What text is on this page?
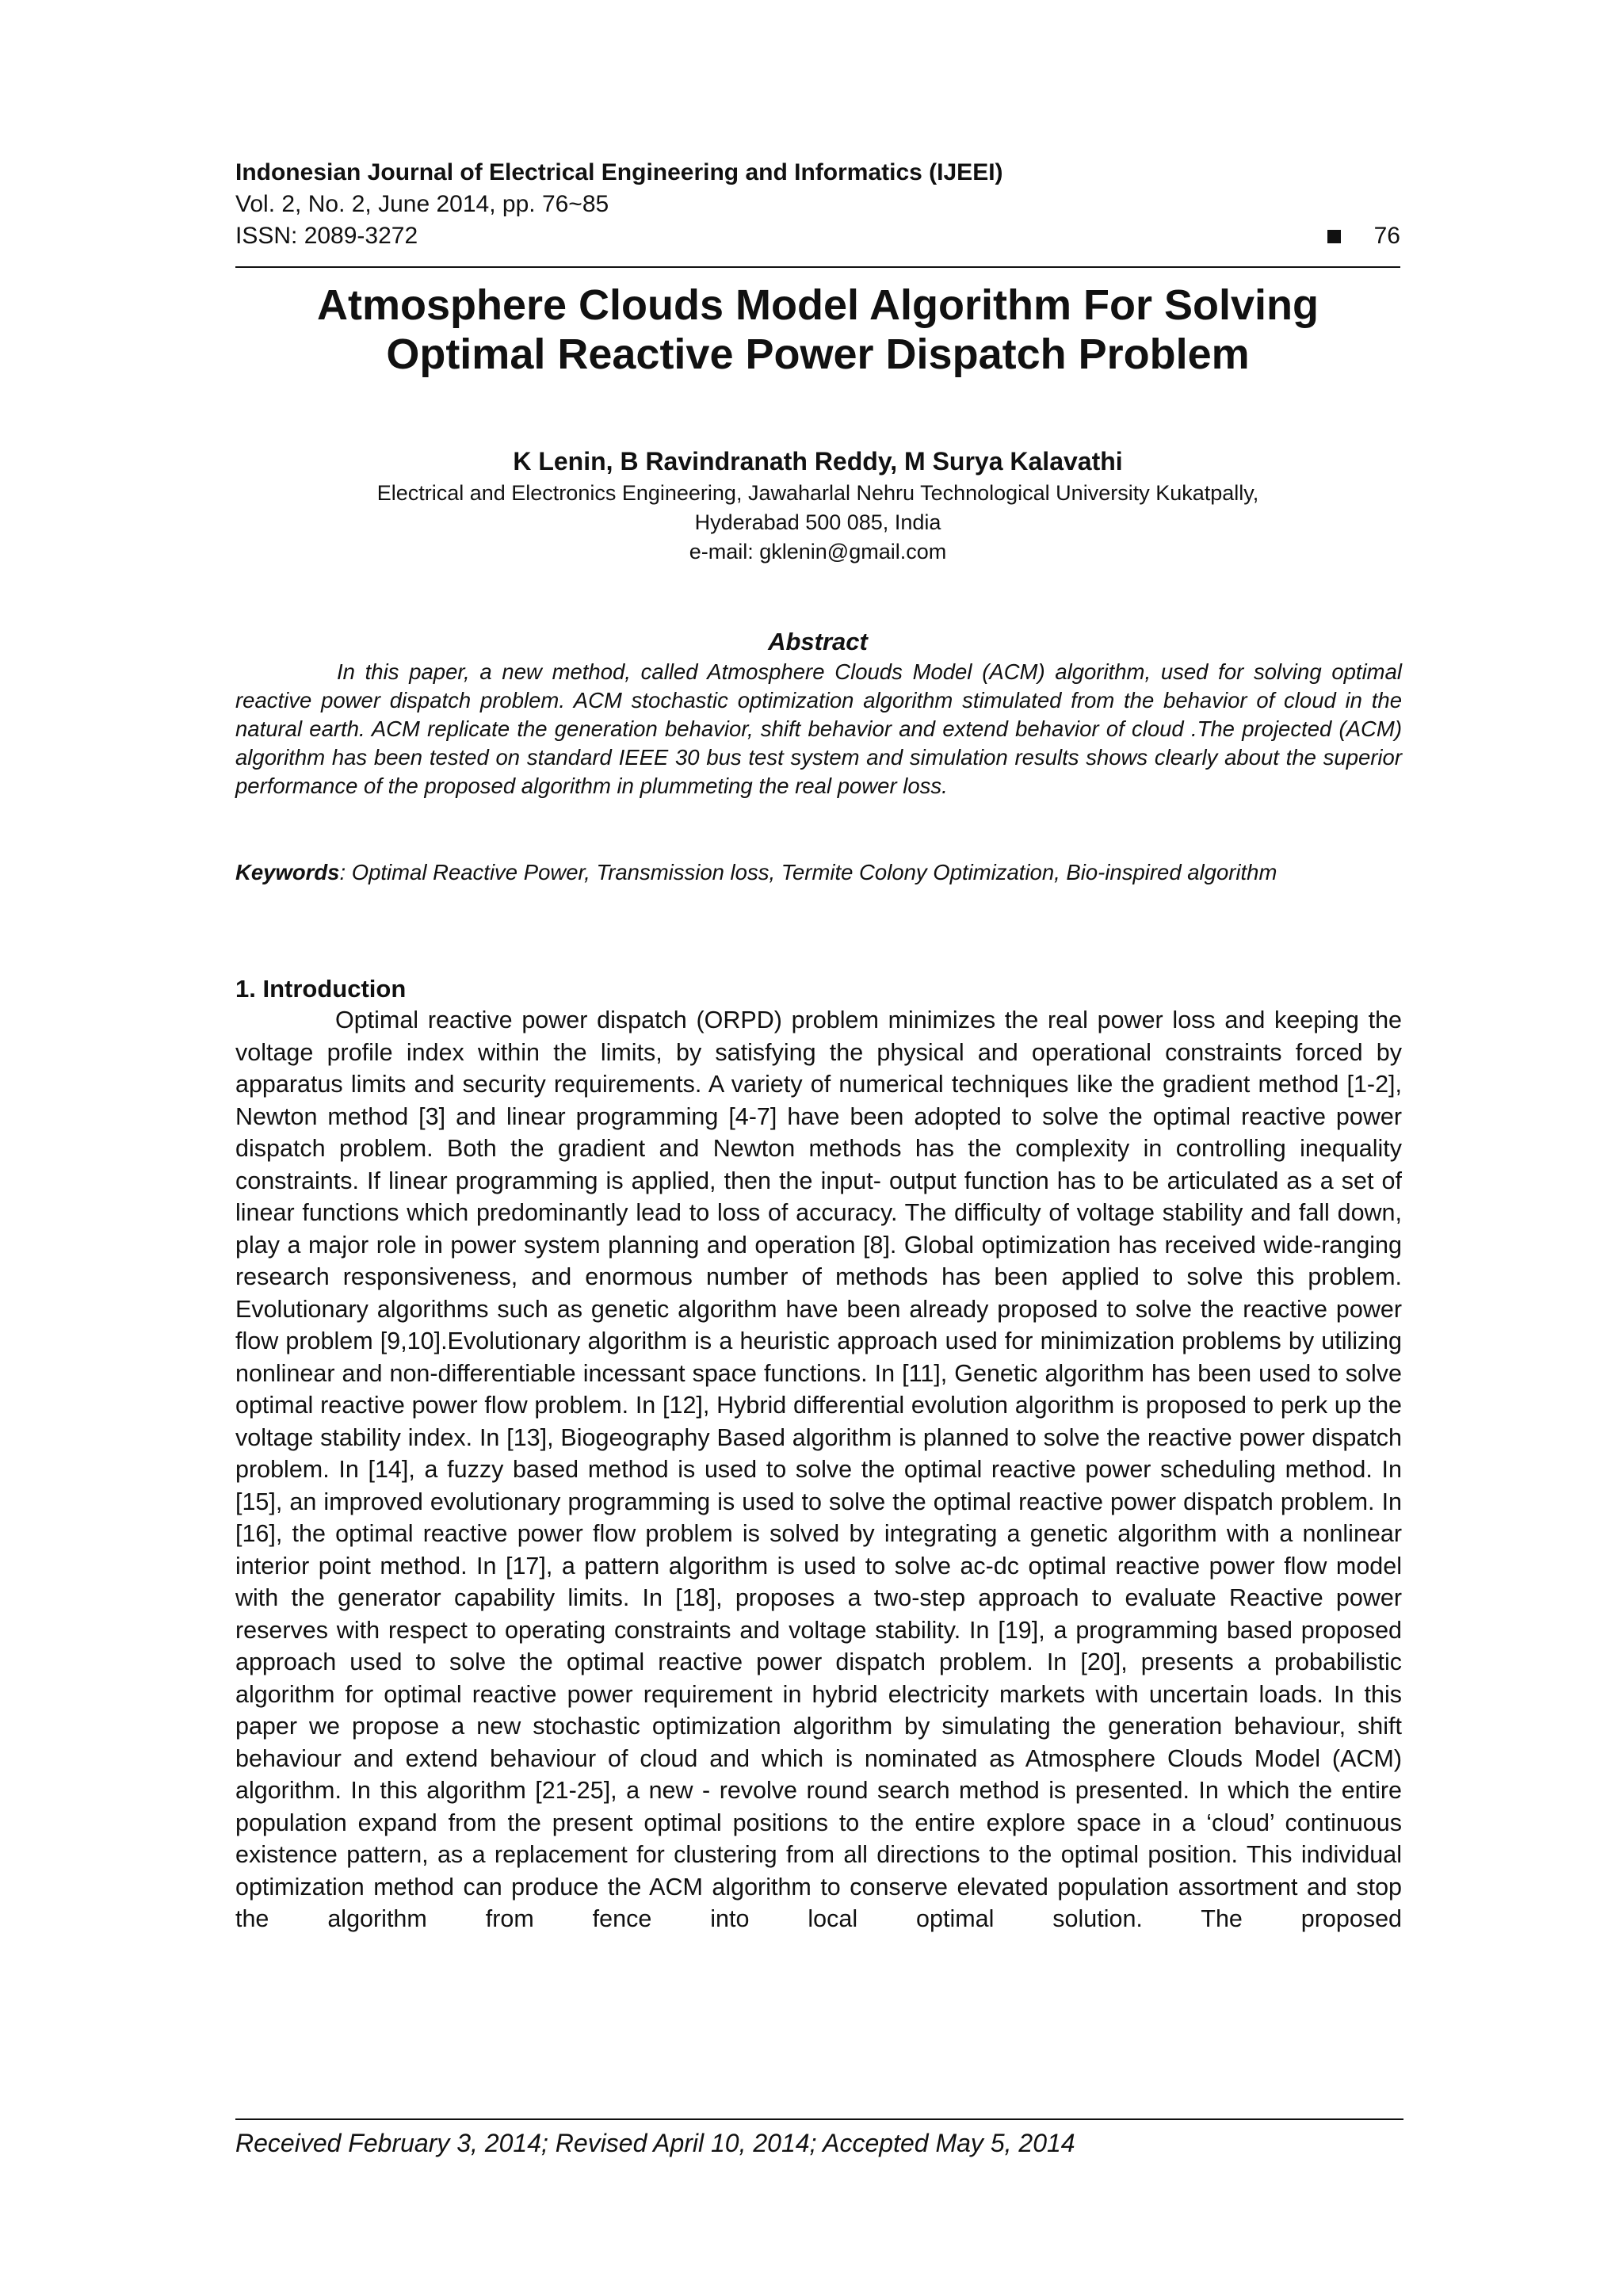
Indonesian Journal of Electrical Engineering and Informatics (IJEEI)
Vol. 2, No. 2, June 2014, pp. 76~85
ISSN: 2089-3272	76
Atmosphere Clouds Model Algorithm For Solving
Optimal Reactive Power Dispatch Problem
K Lenin, B Ravindranath Reddy, M Surya Kalavathi
Electrical and Electronics Engineering, Jawaharlal Nehru Technological University Kukatpally,
Hyderabad 500 085, India
e-mail: gklenin@gmail.com
Abstract
In this paper, a new method, called Atmosphere Clouds Model (ACM) algorithm, used for solving optimal reactive power dispatch problem. ACM stochastic optimization algorithm stimulated from the behavior of cloud in the natural earth. ACM replicate the generation behavior, shift behavior and extend behavior of cloud .The projected (ACM) algorithm has been tested on standard IEEE 30 bus test system and simulation results shows clearly about the superior performance of the proposed algorithm in plummeting the real power loss.
Keywords: Optimal Reactive Power, Transmission loss, Termite Colony Optimization, Bio-inspired algorithm
1. Introduction
Optimal reactive power dispatch (ORPD) problem minimizes the real power loss and keeping the voltage profile index within the limits, by satisfying the physical and operational constraints forced by apparatus limits and security requirements. A variety of numerical techniques like the gradient method [1-2], Newton method [3] and linear programming [4-7] have been adopted to solve the optimal reactive power dispatch problem. Both the gradient and Newton methods has the complexity in controlling inequality constraints. If linear programming is applied, then the input- output function has to be articulated as a set of linear functions which predominantly lead to loss of accuracy. The difficulty of voltage stability and fall down, play a major role in power system planning and operation [8]. Global optimization has received wide-ranging research responsiveness, and enormous number of methods has been applied to solve this problem. Evolutionary algorithms such as genetic algorithm have been already proposed to solve the reactive power flow problem [9,10].Evolutionary algorithm is a heuristic approach used for minimization problems by utilizing nonlinear and non-differentiable incessant space functions. In [11], Genetic algorithm has been used to solve optimal reactive power flow problem. In [12], Hybrid differential evolution algorithm is proposed to perk up the voltage stability index. In [13], Biogeography Based algorithm is planned to solve the reactive power dispatch problem. In [14], a fuzzy based method is used to solve the optimal reactive power scheduling method. In [15], an improved evolutionary programming is used to solve the optimal reactive power dispatch problem. In [16], the optimal reactive power flow problem is solved by integrating a genetic algorithm with a nonlinear interior point method. In [17], a pattern algorithm is used to solve ac-dc optimal reactive power flow model with the generator capability limits. In [18], proposes a two-step approach to evaluate Reactive power reserves with respect to operating constraints and voltage stability. In [19], a programming based proposed approach used to solve the optimal reactive power dispatch problem. In [20], presents a probabilistic algorithm for optimal reactive power requirement in hybrid electricity markets with uncertain loads. In this paper we propose a new stochastic optimization algorithm by simulating the generation behaviour, shift behaviour and extend behaviour of cloud and which is nominated as Atmosphere Clouds Model (ACM) algorithm. In this algorithm [21-25], a new - revolve round search method is presented. In which the entire population expand from the present optimal positions to the entire explore space in a ‘cloud’ continuous existence pattern, as a replacement for clustering from all directions to the optimal position. This individual optimization method can produce the ACM algorithm to conserve elevated population assortment and stop the algorithm from fence into local optimal solution. The proposed
Received February 3, 2014; Revised April 10, 2014; Accepted May 5, 2014
